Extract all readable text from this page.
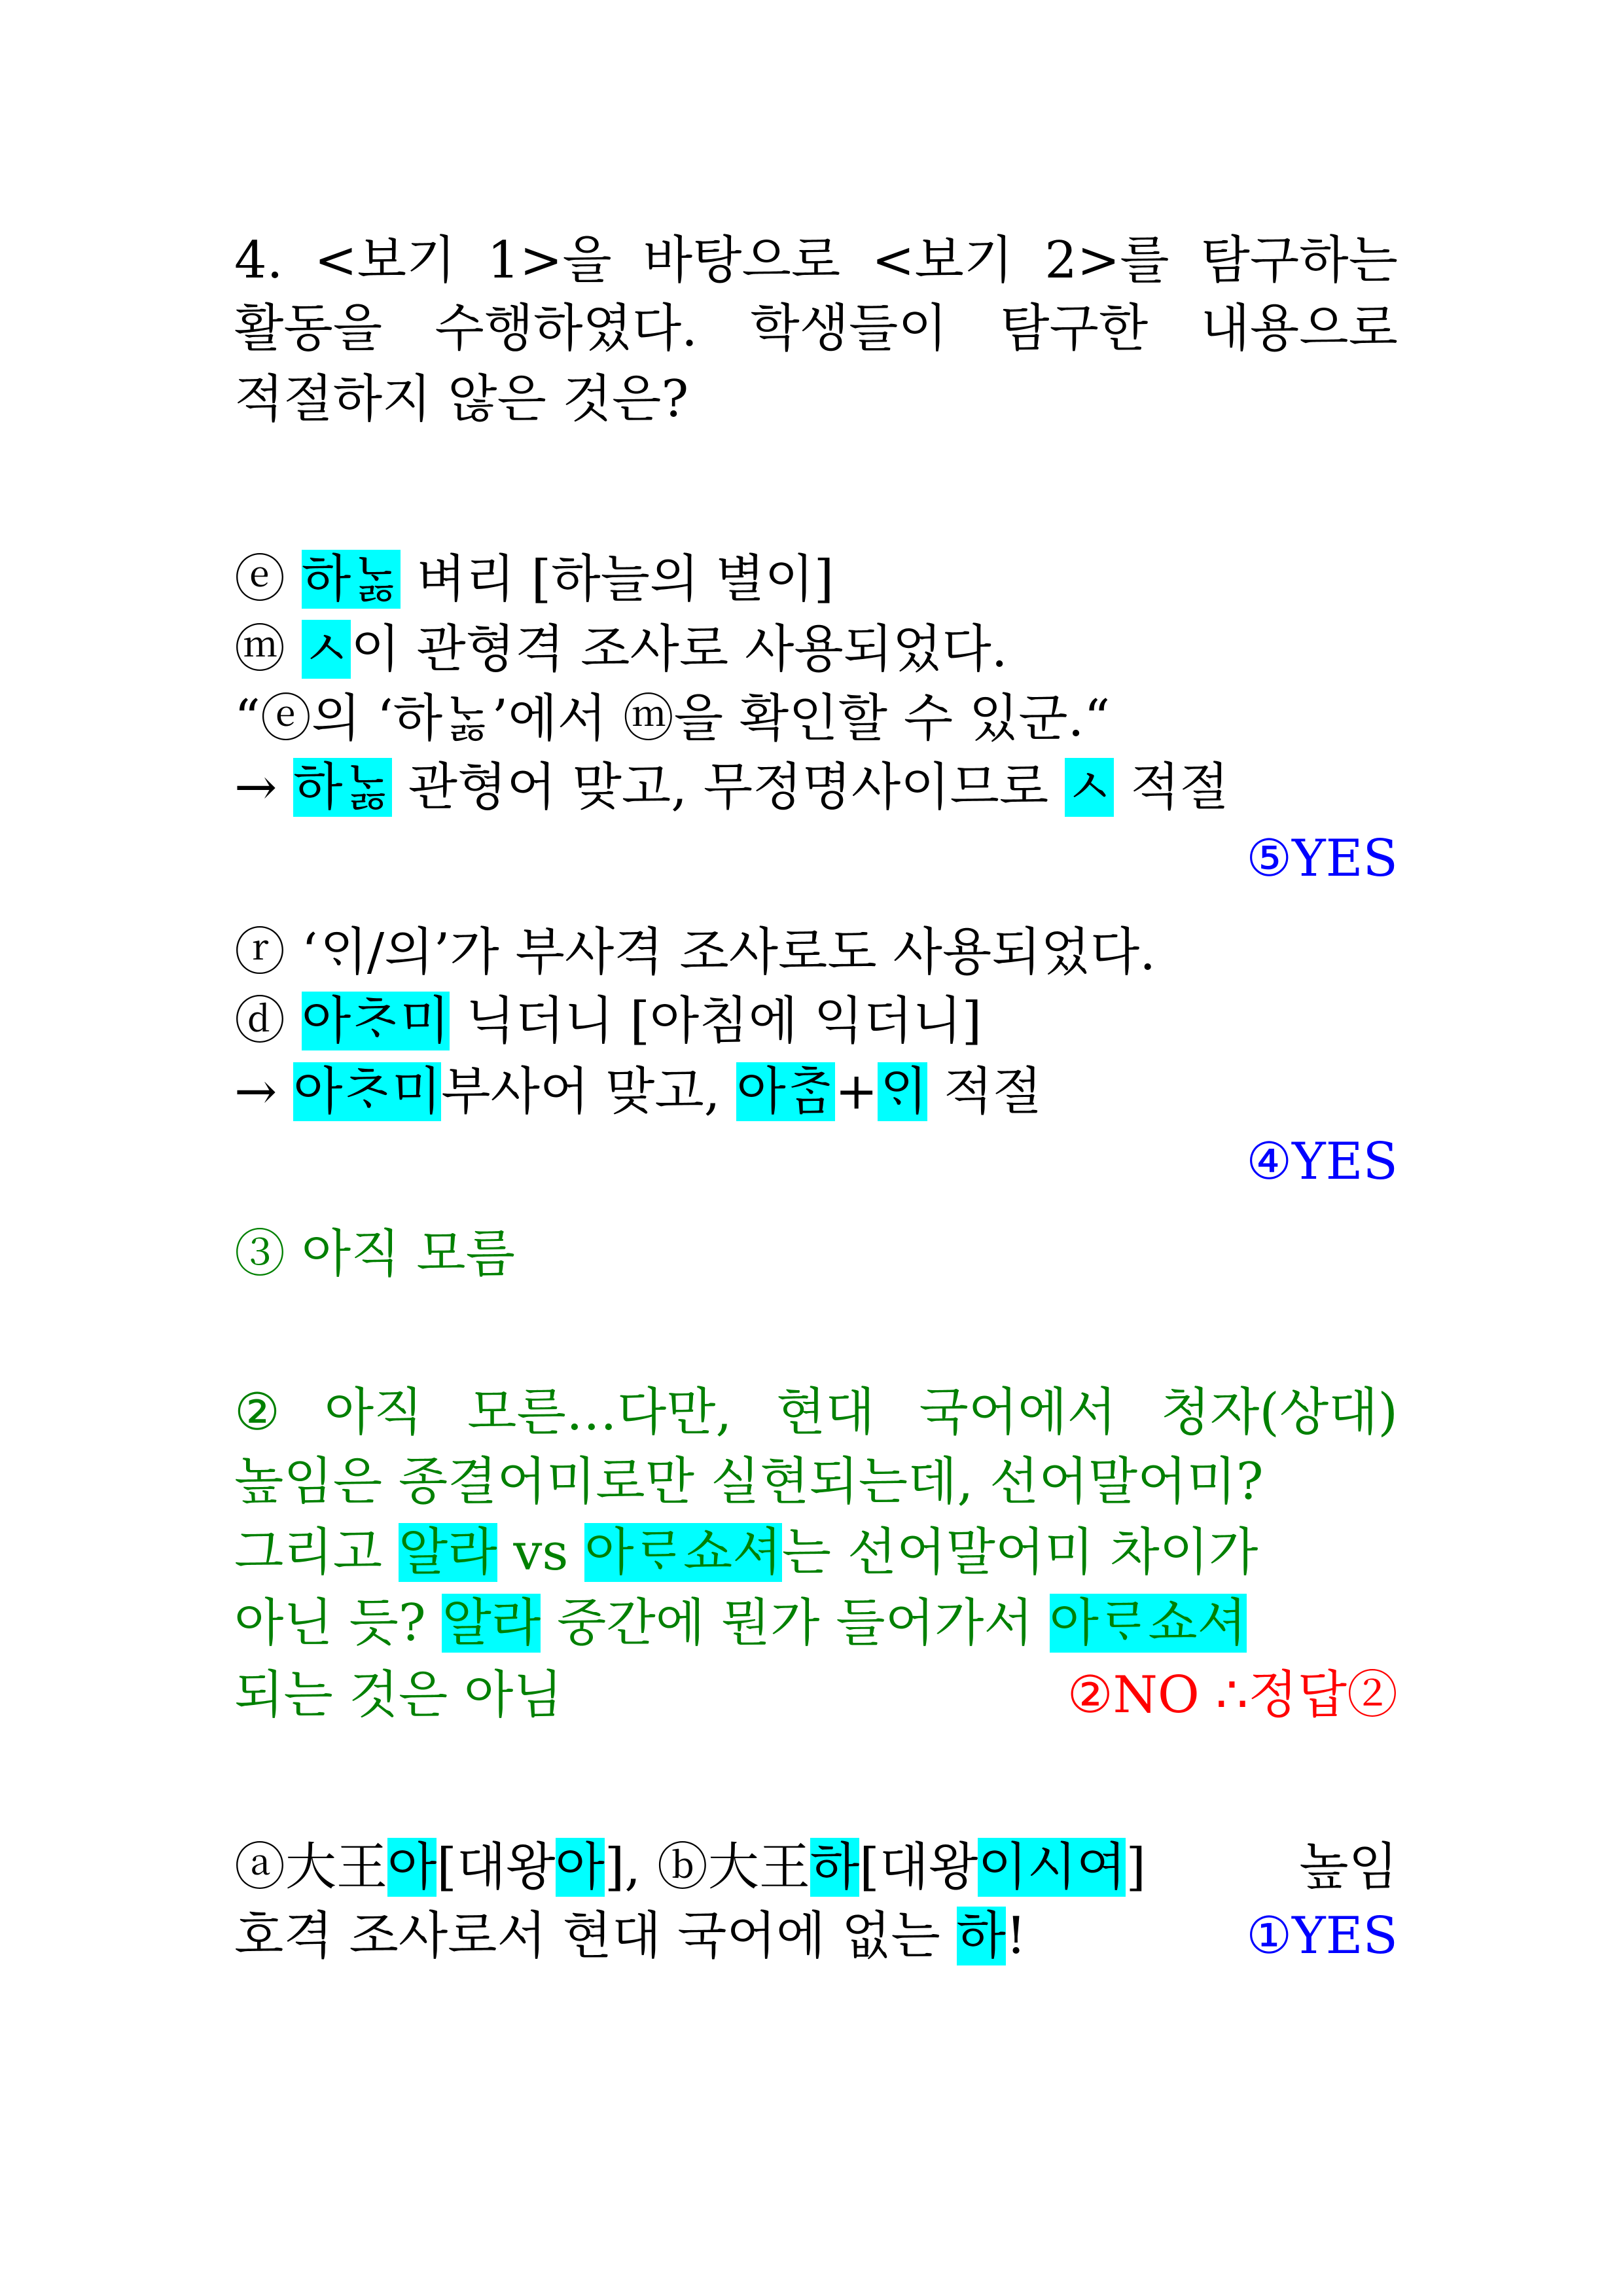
4. <보기 1>을 바탕으로 <보기 2>를 탐구하는
활동을 수행하였다. 학생들이 탐구한 내용으로
적절하지 않은 것은?
ⓔ 하ᄂᆞᇙ 벼리 [하늘의 별이]
ⓜ ㅅ이 관형격 조사로 사용되었다.
“ⓔ의 ‘하ᄂᆞᇙ’에서 ⓜ을 확인할 수 있군.“
→ 하ᄂᆞᇙ 관형어 맞고, 무정명사이므로 ㅅ 적절
⑤YES
ⓡ ‘ᄋᆡ/의’가 부사격 조사로도 사용되었다.
ⓓ 아ᄎᆞ미 닉더니 [아침에 익더니]
→ 아ᄎᆞ미부사어 맞고, 아ᄎᆞᆷ+ᄋᆡ 적절
④YES
③ 아직 모름
② 아직 모른…다만, 현대 국어에서 청자(상대)
높임은 종결어미로만 실현되는데, 선어말어미?
그리고 알라 vs 아ᄅᆞ쇼셔는 선어말어미 차이가
아닌 듯? 알라 중간에 뭔가 들어가서 아ᄅᆞ쇼셔
되는 것은 아님	②NO ∴정답②
ⓐ大王아[대왕아], ⓑ大王하[대왕이시여]	높임
호격 조사로서 현대 국어에 없는 하!	①YES
